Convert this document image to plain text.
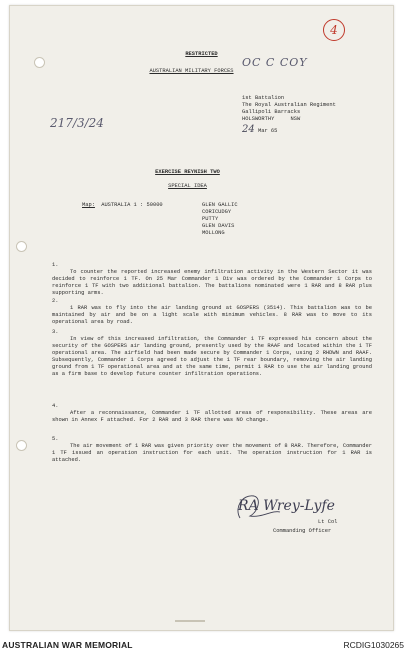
RESTRICTED
AUSTRALIAN MILITARY FORCES
OC C COY
4
217/3/24
1st Battalion
The Royal Australian Regiment
Gallipoli Barracks
HOLSWORTHY     NSW
24 Mar 65
EXERCISE REYNISH TWO
SPECIAL IDEA
Map: AUSTRALIA 1 : 50000	GLEN GALLIC
CORICUDGY
PUTTY
GLEN DAVIS
MOLLONG
1.
To counter the reported increased enemy infiltration activity in the Western Sector it was decided to reinforce 1 TF. On 25 Mar Commander 1 Div was ordered by the Commander 1 Corps to reinforce 1 TF with two additional battalion. The battalions nominated were 1 RAR and 8 RAR plus supporting arms.
2.
1 RAR was to fly into the air landing ground at GOSPERS (3514). This battalion was to be maintained by air and be on a light scale with minimum vehicles. 8 RAR was to move to its operational area by road.
3.
In view of this increased infiltration, the Commander 1 TF expressed his concern about the security of the GOSPERS air landing ground, presently used by the RAAF and located within the 1 TF operational area. The airfield had been made secure by Commander 1 Corps, using 2 RHDWN and RAAF. Subsequently, Commander 1 Corps agreed to adjust the 1 TF rear boundary, removing the air landing ground from 1 TF operational area and at the same time, permit 1 RAR to use the air landing ground as a firm base to develop future counter infiltration operations.
4.
After a reconnaissance, Commander 1 TF allotted areas of responsibility. These areas are shown in Annex F attached. For 2 RAR and 3 RAR there was NO change.
5.
The air movement of 1 RAR was given priority over the movement of 8 RAR. Therefore, Commander 1 TF issued an operation instruction for each unit. The operation instruction for 1 RAR is attached.
RA Wrey-Lyfe
Lt Col
Commanding Officer
AUSTRALIAN WAR MEMORIAL	RCDIG1030265
